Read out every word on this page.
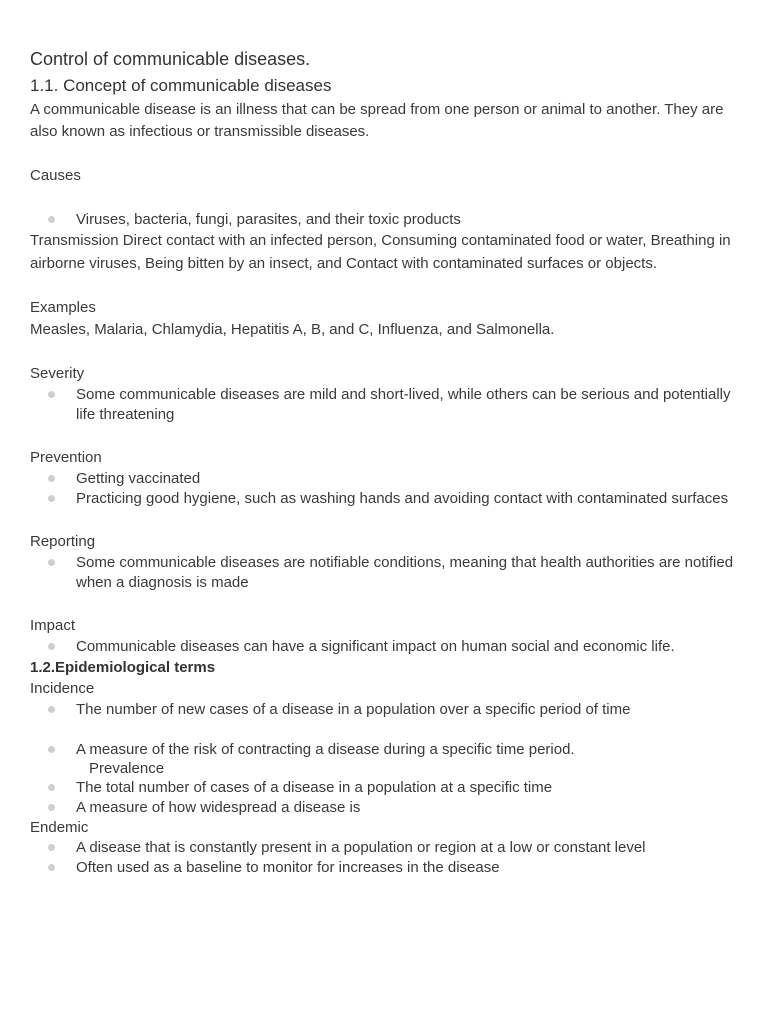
Control of communicable diseases.
1.1. Concept of communicable diseases

A communicable disease is an illness that can be spread from one person or animal to another. They are also known as infectious or transmissible diseases.

Causes

Viruses, bacteria, fungi, parasites, and their toxic products

Transmission Direct contact with an infected person, Consuming contaminated food or water, Breathing in airborne viruses, Being bitten by an insect, and Contact with contaminated surfaces or objects.

Examples

Measles, Malaria, Chlamydia, Hepatitis A, B, and C, Influenza, and Salmonella.

Severity

Some communicable diseases are mild and short-lived, while others can be serious and potentially life threatening

Prevention

Getting vaccinated
Practicing good hygiene, such as washing hands and avoiding contact with contaminated surfaces

Reporting

Some communicable diseases are notifiable conditions, meaning that health authorities are notified when a diagnosis is made

Impact

Communicable diseases can have a significant impact on human social and economic life.

1.2.Epidemiological terms

Incidence

The number of new cases of a disease in a population over a specific period of time
A measure of the risk of contracting a disease during a specific time period.
Prevalence
The total number of cases of a disease in a population at a specific time
A measure of how widespread a disease is

Endemic

A disease that is constantly present in a population or region at a low or constant level
Often used as a baseline to monitor for increases in the disease
